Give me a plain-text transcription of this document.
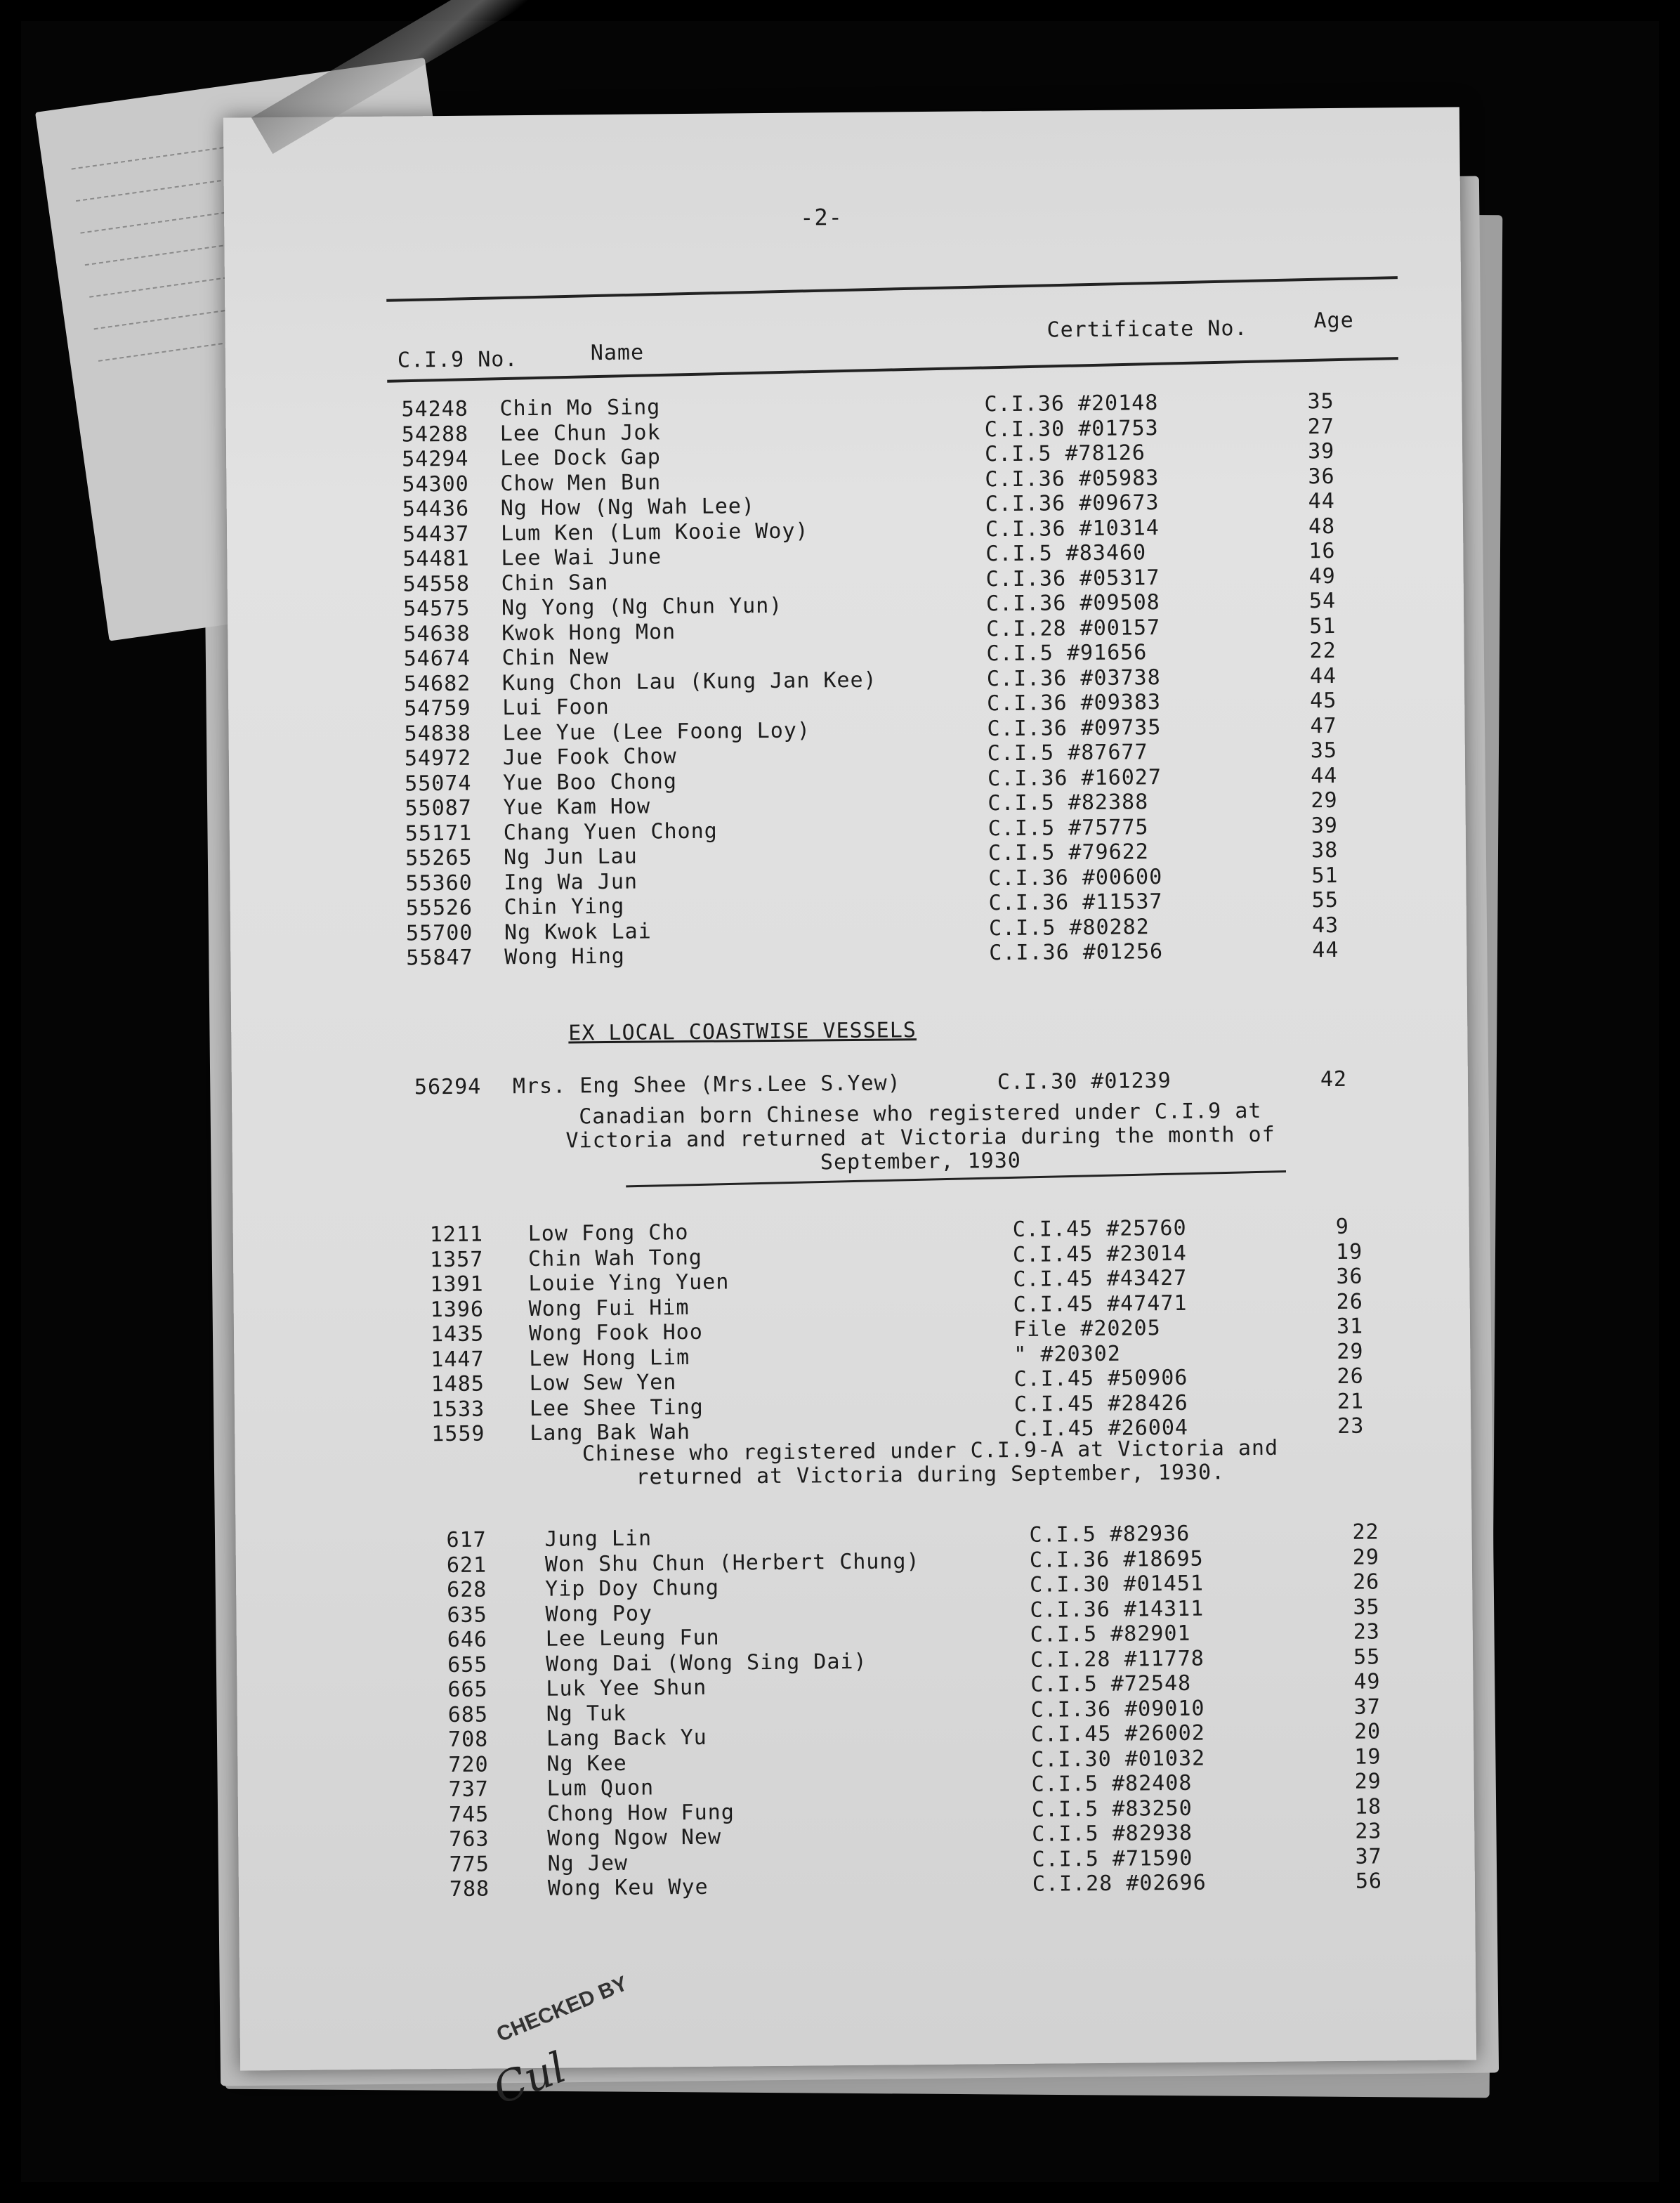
-2-
C.I.9 No.	Name
Certificate No.	Age
54248 Chin Mo Sing	C.I.36 #20148	35
54288 Lee Chun Jok	C.I.30 #01753	27
54294 Lee Dock Gap	C.I.5 #78126	39
54300 Chow Men Bun	C.I.36 #05983	36
54436 Ng How (Ng Wah Lee)	C.I.36 #09673	44
54437 Lum Ken (Lum Kooie Woy)	C.I.36 #10314	48
54481 Lee Wai June	C.I.5 #83460	16
54558 Chin San	C.I.36 #05317	49
54575 Ng Yong (Ng Chun Yun)	C.I.36 #09508	54
54638 Kwok Hong Mon	C.I.28 #00157	51
54674 Chin New	C.I.5 #91656	22
54682 Kung Chon Lau (Kung Jan Kee)	C.I.36 #03738	44
54759 Lui Foon	C.I.36 #09383	45
54838 Lee Yue (Lee Foong Loy)	C.I.36 #09735	47
54972 Jue Fook Chow	C.I.5 #87677	35
55074 Yue Boo Chong	C.I.36 #16027	44
55087 Yue Kam How	C.I.5 #82388	29
55171 Chang Yuen Chong	C.I.5 #75775	39
55265 Ng Jun Lau	C.I.5 #79622	38
55360 Ing Wa Jun	C.I.36 #00600	51
55526 Chin Ying	C.I.36 #11537	55
55700 Ng Kwok Lai	C.I.5 #80282	43
55847 Wong Hing	C.I.36 #01256	44
EX LOCAL COASTWISE VESSELS
56294 Mrs. Eng Shee (Mrs.Lee S.Yew)	C.I.30 #01239	42
Canadian born Chinese who registered under C.I.9 at Victoria and returned at Victoria during the month of September, 1930
1211 Low Fong Cho	C.I.45 #25760	9
1357 Chin Wah Tong	C.I.45 #23014	19
1391 Louie Ying Yuen	C.I.45 #43427	36
1396 Wong Fui Him	C.I.45 #47471	26
1435 Wong Fook Hoo	File #20205	31
1447 Lew Hong Lim	" #20302	29
1485 Low Sew Yen	C.I.45 #50906	26
1533 Lee Shee Ting	C.I.45 #28426	21
1559 Lang Bak Wah	C.I.45 #26004	23
Chinese who registered under C.I.9-A at Victoria and returned at Victoria during September, 1930.
617	Jung Lin	C.I.5 #82936	22
621	Won Shu Chun (Herbert Chung)	C.I.36 #18695	29
628	Yip Doy Chung	C.I.30 #01451	26
635	Wong Poy	C.I.36 #14311	35
646	Lee Leung Fun	C.I.5 #82901	23
655	Wong Dai (Wong Sing Dai)	C.I.28 #11778	55
665	Luk Yee Shun	C.I.5 #72548	49
685	Ng Tuk	C.I.36 #09010	37
708	Lang Back Yu	C.I.45 #26002	20
720	Ng Kee	C.I.30 #01032	19
737	Lum Quon	C.I.5 #82408	29
745	Chong How Fung	C.I.5 #83250	18
763	Wong Ngow New	C.I.5 #82938	23
775	Ng Jew	C.I.5 #71590	37
788	Wong Keu Wye	C.I.28 #02696	56
CHECKED BY
Cul
